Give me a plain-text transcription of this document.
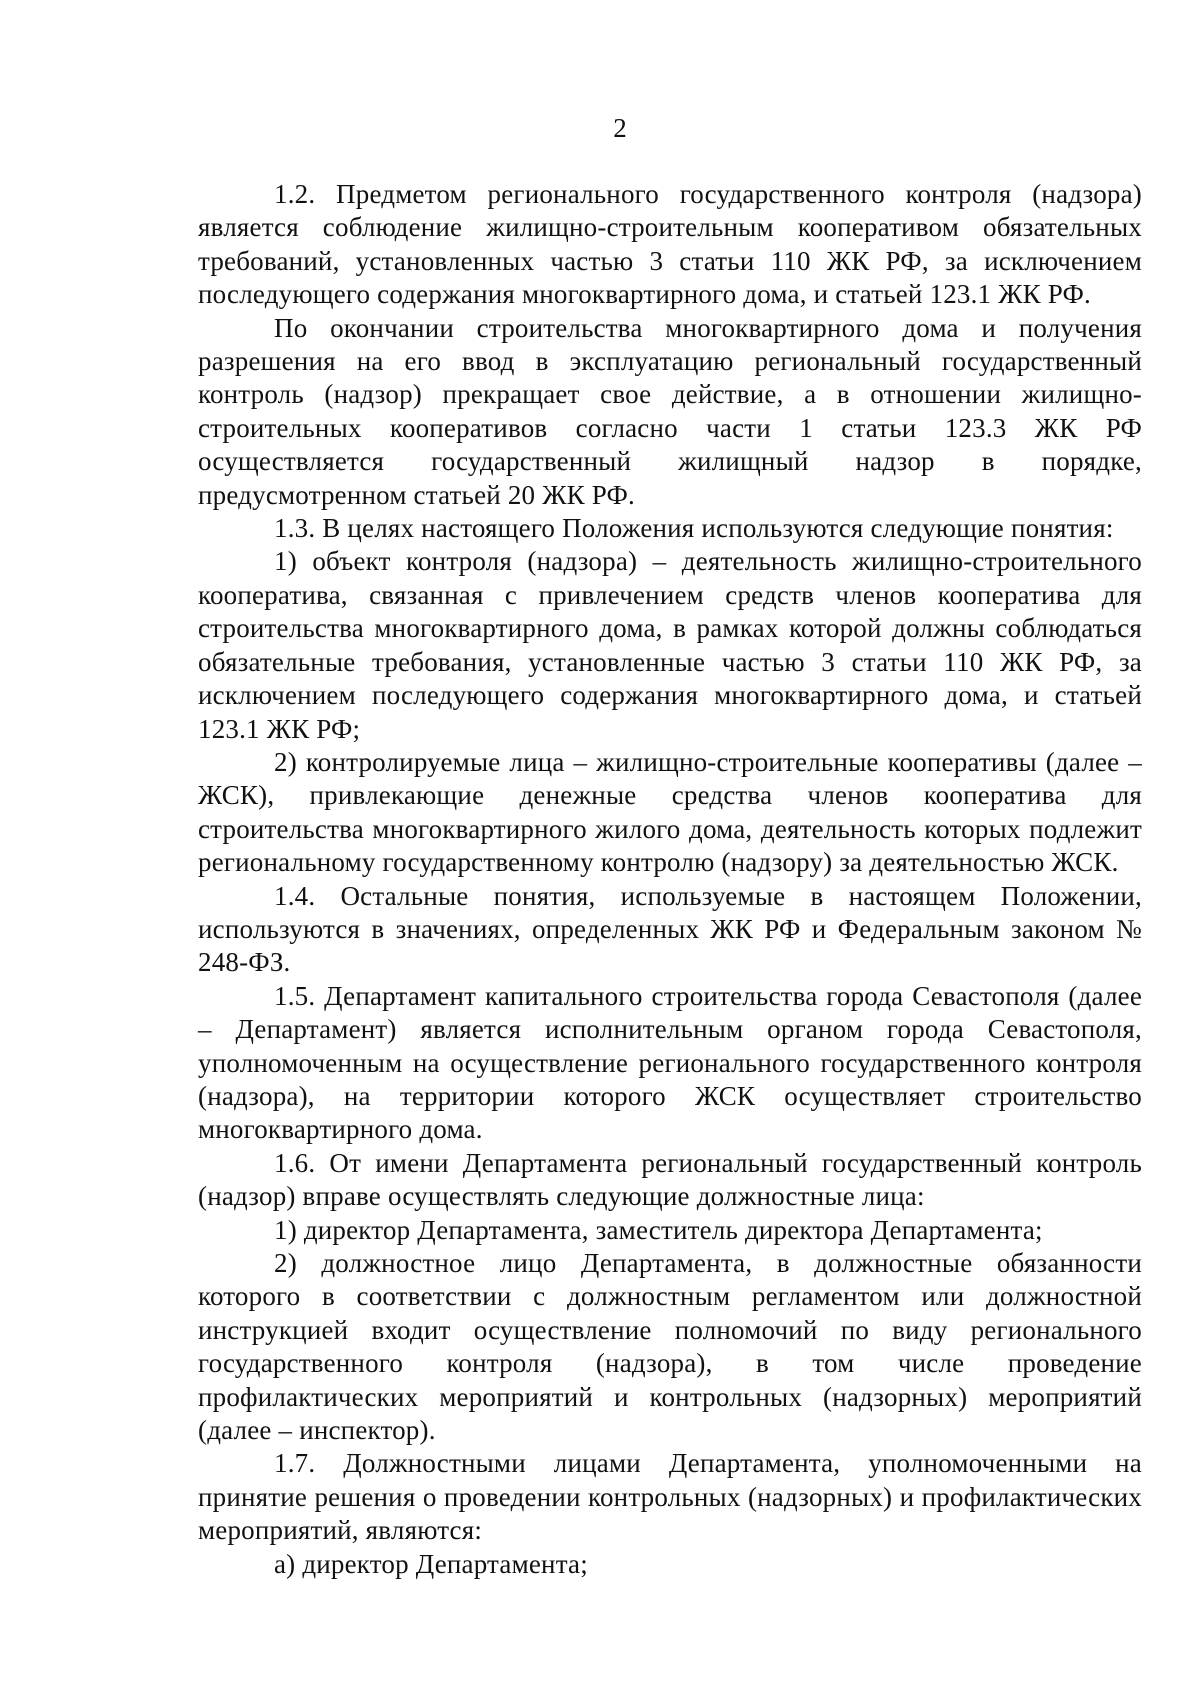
2

1.2. Предметом регионального государственного контроля (надзора) является соблюдение жилищно-строительным кооперативом обязательных требований, установленных частью 3 статьи 110 ЖК РФ, за исключением последующего содержания многоквартирного дома, и статьей 123.1 ЖК РФ.

По окончании строительства многоквартирного дома и получения разрешения на его ввод в эксплуатацию региональный государственный контроль (надзор) прекращает свое действие, а в отношении жилищно-строительных кооперативов согласно части 1 статьи 123.3 ЖК РФ осуществляется государственный жилищный надзор в порядке, предусмотренном статьей 20 ЖК РФ.

1.3. В целях настоящего Положения используются следующие понятия:

1) объект контроля (надзора) – деятельность жилищно-строительного кооператива, связанная с привлечением средств членов кооператива для строительства многоквартирного дома, в рамках которой должны соблюдаться обязательные требования, установленные частью 3 статьи 110 ЖК РФ, за исключением последующего содержания многоквартирного дома, и статьей 123.1 ЖК РФ;

2) контролируемые лица – жилищно-строительные кооперативы (далее – ЖСК), привлекающие денежные средства членов кооператива для строительства многоквартирного жилого дома, деятельность которых подлежит региональному государственному контролю (надзору) за деятельностью ЖСК.

1.4. Остальные понятия, используемые в настоящем Положении, используются в значениях, определенных ЖК РФ и Федеральным законом № 248-ФЗ.

1.5. Департамент капитального строительства города Севастополя (далее – Департамент) является исполнительным органом города Севастополя, уполномоченным на осуществление регионального государственного контроля (надзора), на территории которого ЖСК осуществляет строительство многоквартирного дома.

1.6. От имени Департамента региональный государственный контроль (надзор) вправе осуществлять следующие должностные лица:

1) директор Департамента, заместитель директора Департамента;

2) должностное лицо Департамента, в должностные обязанности которого в соответствии с должностным регламентом или должностной инструкцией входит осуществление полномочий по виду регионального государственного контроля (надзора), в том числе проведение профилактических мероприятий и контрольных (надзорных) мероприятий (далее – инспектор).

1.7. Должностными лицами Департамента, уполномоченными на принятие решения о проведении контрольных (надзорных) и профилактических мероприятий, являются:

а) директор Департамента;
